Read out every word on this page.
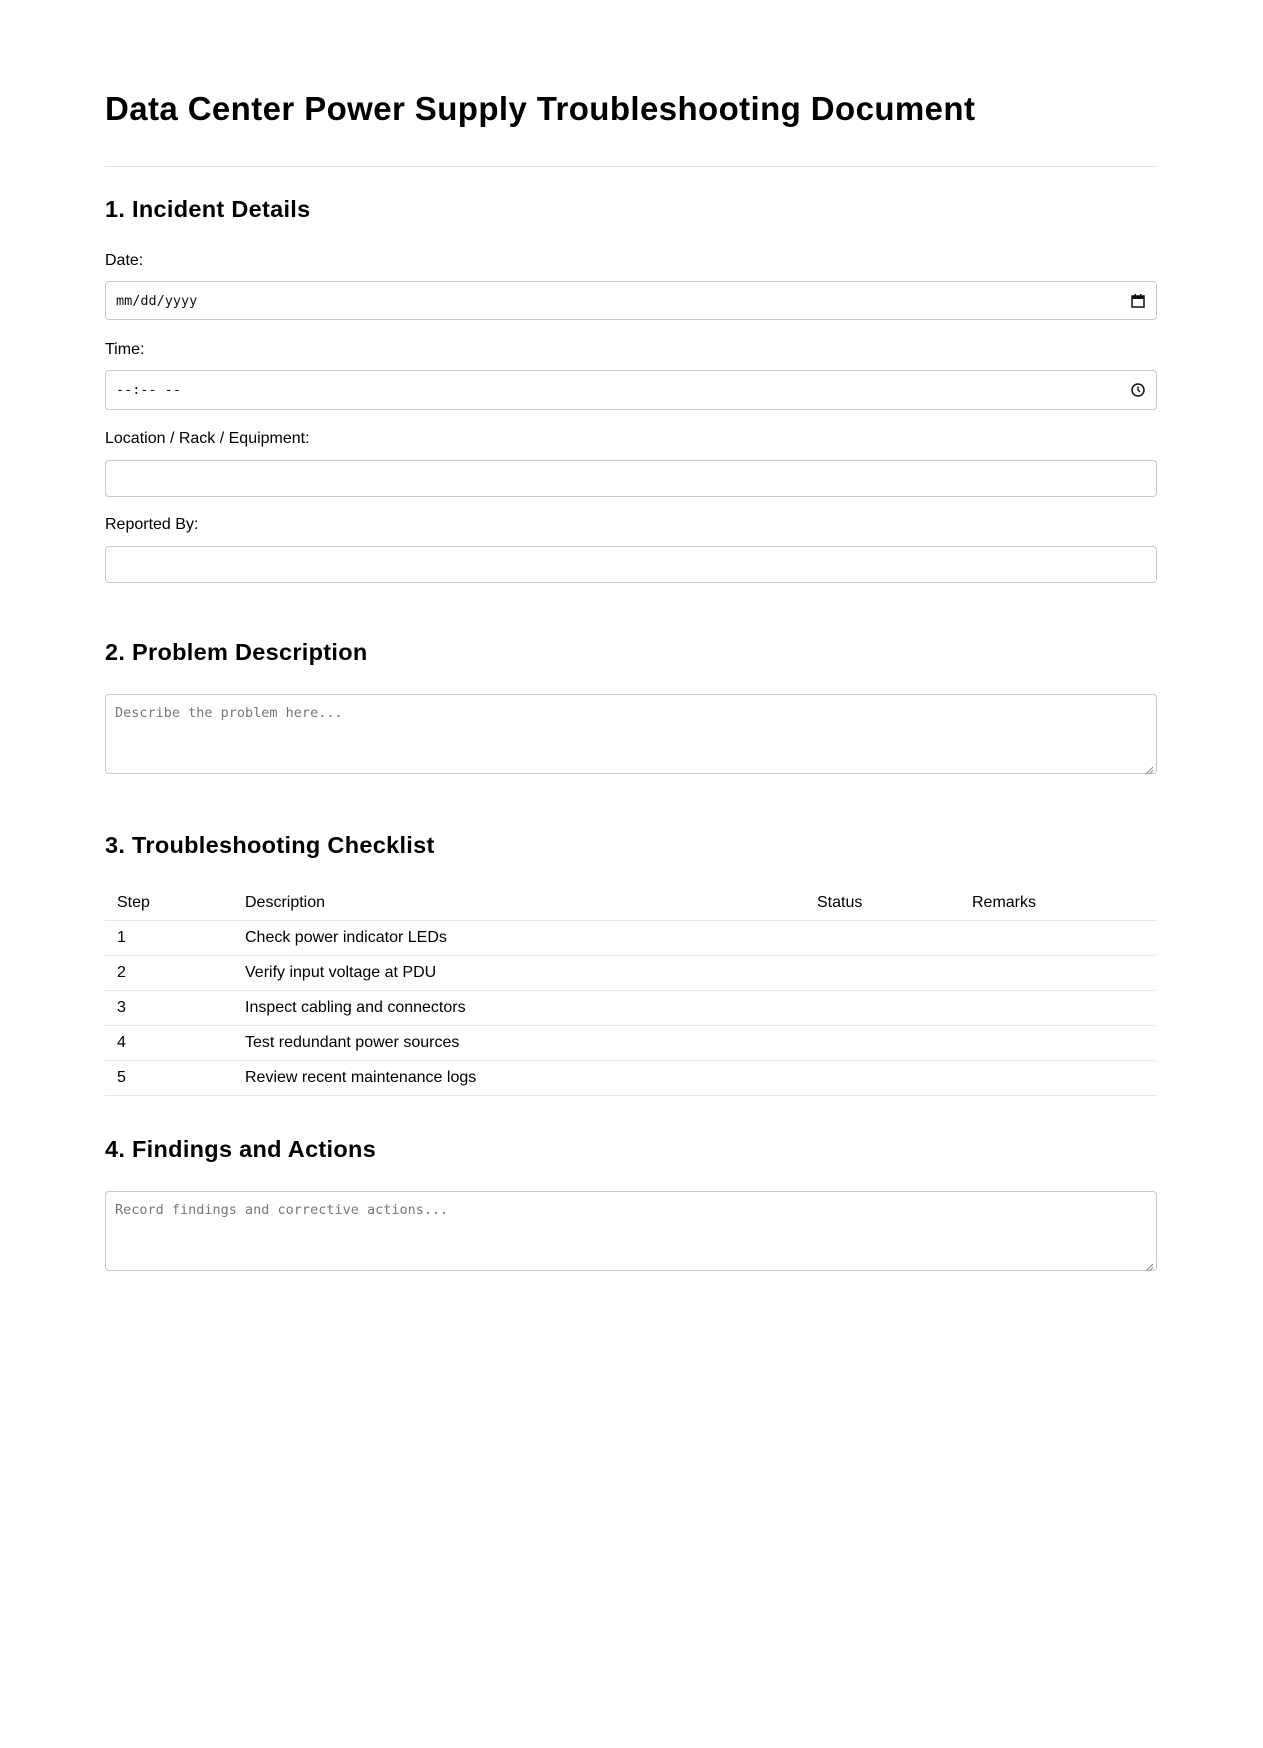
Data Center Power Supply Troubleshooting Document
1. Incident Details
Date:
mm/dd/yyyy
Time:
--:-- --
Location / Rack / Equipment:
Reported By:
2. Problem Description
Describe the problem here...
3. Troubleshooting Checklist
Step	Description	Status	Remarks
1	Check power indicator LEDs		
2	Verify input voltage at PDU		
3	Inspect cabling and connectors		
4	Test redundant power sources		
5	Review recent maintenance logs		
4. Findings and Actions
Record findings and corrective actions...
